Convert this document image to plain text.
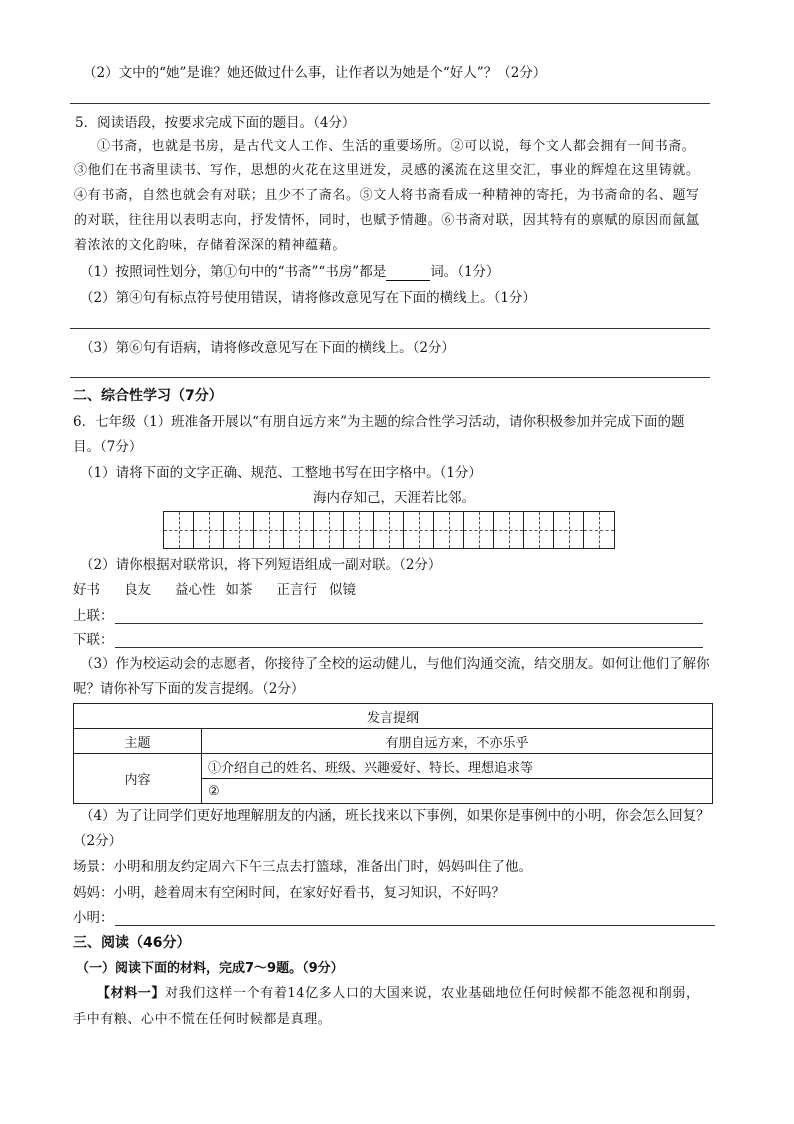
（2）文中的“她”是谁？她还做过什么事，让作者以为她是个“好人”？（2分）
5．阅读语段，按要求完成下面的题目。（4分）
①书斋，也就是书房，是古代文人工作、生活的重要场所。②可以说，每个文人都会拥有一间书斋。
③他们在书斋里读书、写作，思想的火花在这里迸发，灵感的溪流在这里交汇，事业的辉煌在这里铸就。
④有书斋，自然也就会有对联；且少不了斋名。⑤文人将书斋看成一种精神的寄托，为书斋命的名、题写
的对联，往往用以表明志向，抒发情怀，同时，也赋予情趣。⑥书斋对联，因其特有的禀赋的原因而氤氲
着浓浓的文化韵味，存储着深深的精神蕴藉。
（1）按照词性划分，第①句中的“书斋”“书房”都是	词。（1分）
（2）第④句有标点符号使用错误，请将修改意见写在下面的横线上。（1分）
（3）第⑥句有语病，请将修改意见写在下面的横线上。（2分）
二、综合性学习（7分）
6．七年级（1）班准备开展以“有朋自远方来”为主题的综合性学习活动，请你积极参加并完成下面的题
目。（7分）
（1）请将下面的文字正确、规范、工整地书写在田字格中。（1分）
海内存知己，天涯若比邻。
（2）请你根据对联常识，将下列短语组成一副对联。（2分）
好书 良友 益心性 如茶 正言行 似镜
上联：
下联：
（3）作为校运动会的志愿者，你接待了全校的运动健儿，与他们沟通交流，结交朋友。如何让他们了解你
呢？请你补写下面的发言提纲。（2分）
发言提纲	
主题	有朋自远方来，不亦乐乎
内容	①介绍自己的姓名、班级、兴趣爱好、特长、理想追求等
	②
（4）为了让同学们更好地理解朋友的内涵，班长找来以下事例，如果你是事例中的小明，你会怎么回复？
（2分）
场景：小明和朋友约定周六下午三点去打篮球，准备出门时，妈妈叫住了他。
妈妈：小明，趁着周末有空闲时间，在家好好看书，复习知识，不好吗？
小明：
三、阅读（46分）
（一）阅读下面的材料，完成7～9题。（9分）
【材料一】对我们这样一个有着14亿多人口的大国来说，农业基础地位任何时候都不能忽视和削弱，
手中有粮、心中不慌在任何时候都是真理。
